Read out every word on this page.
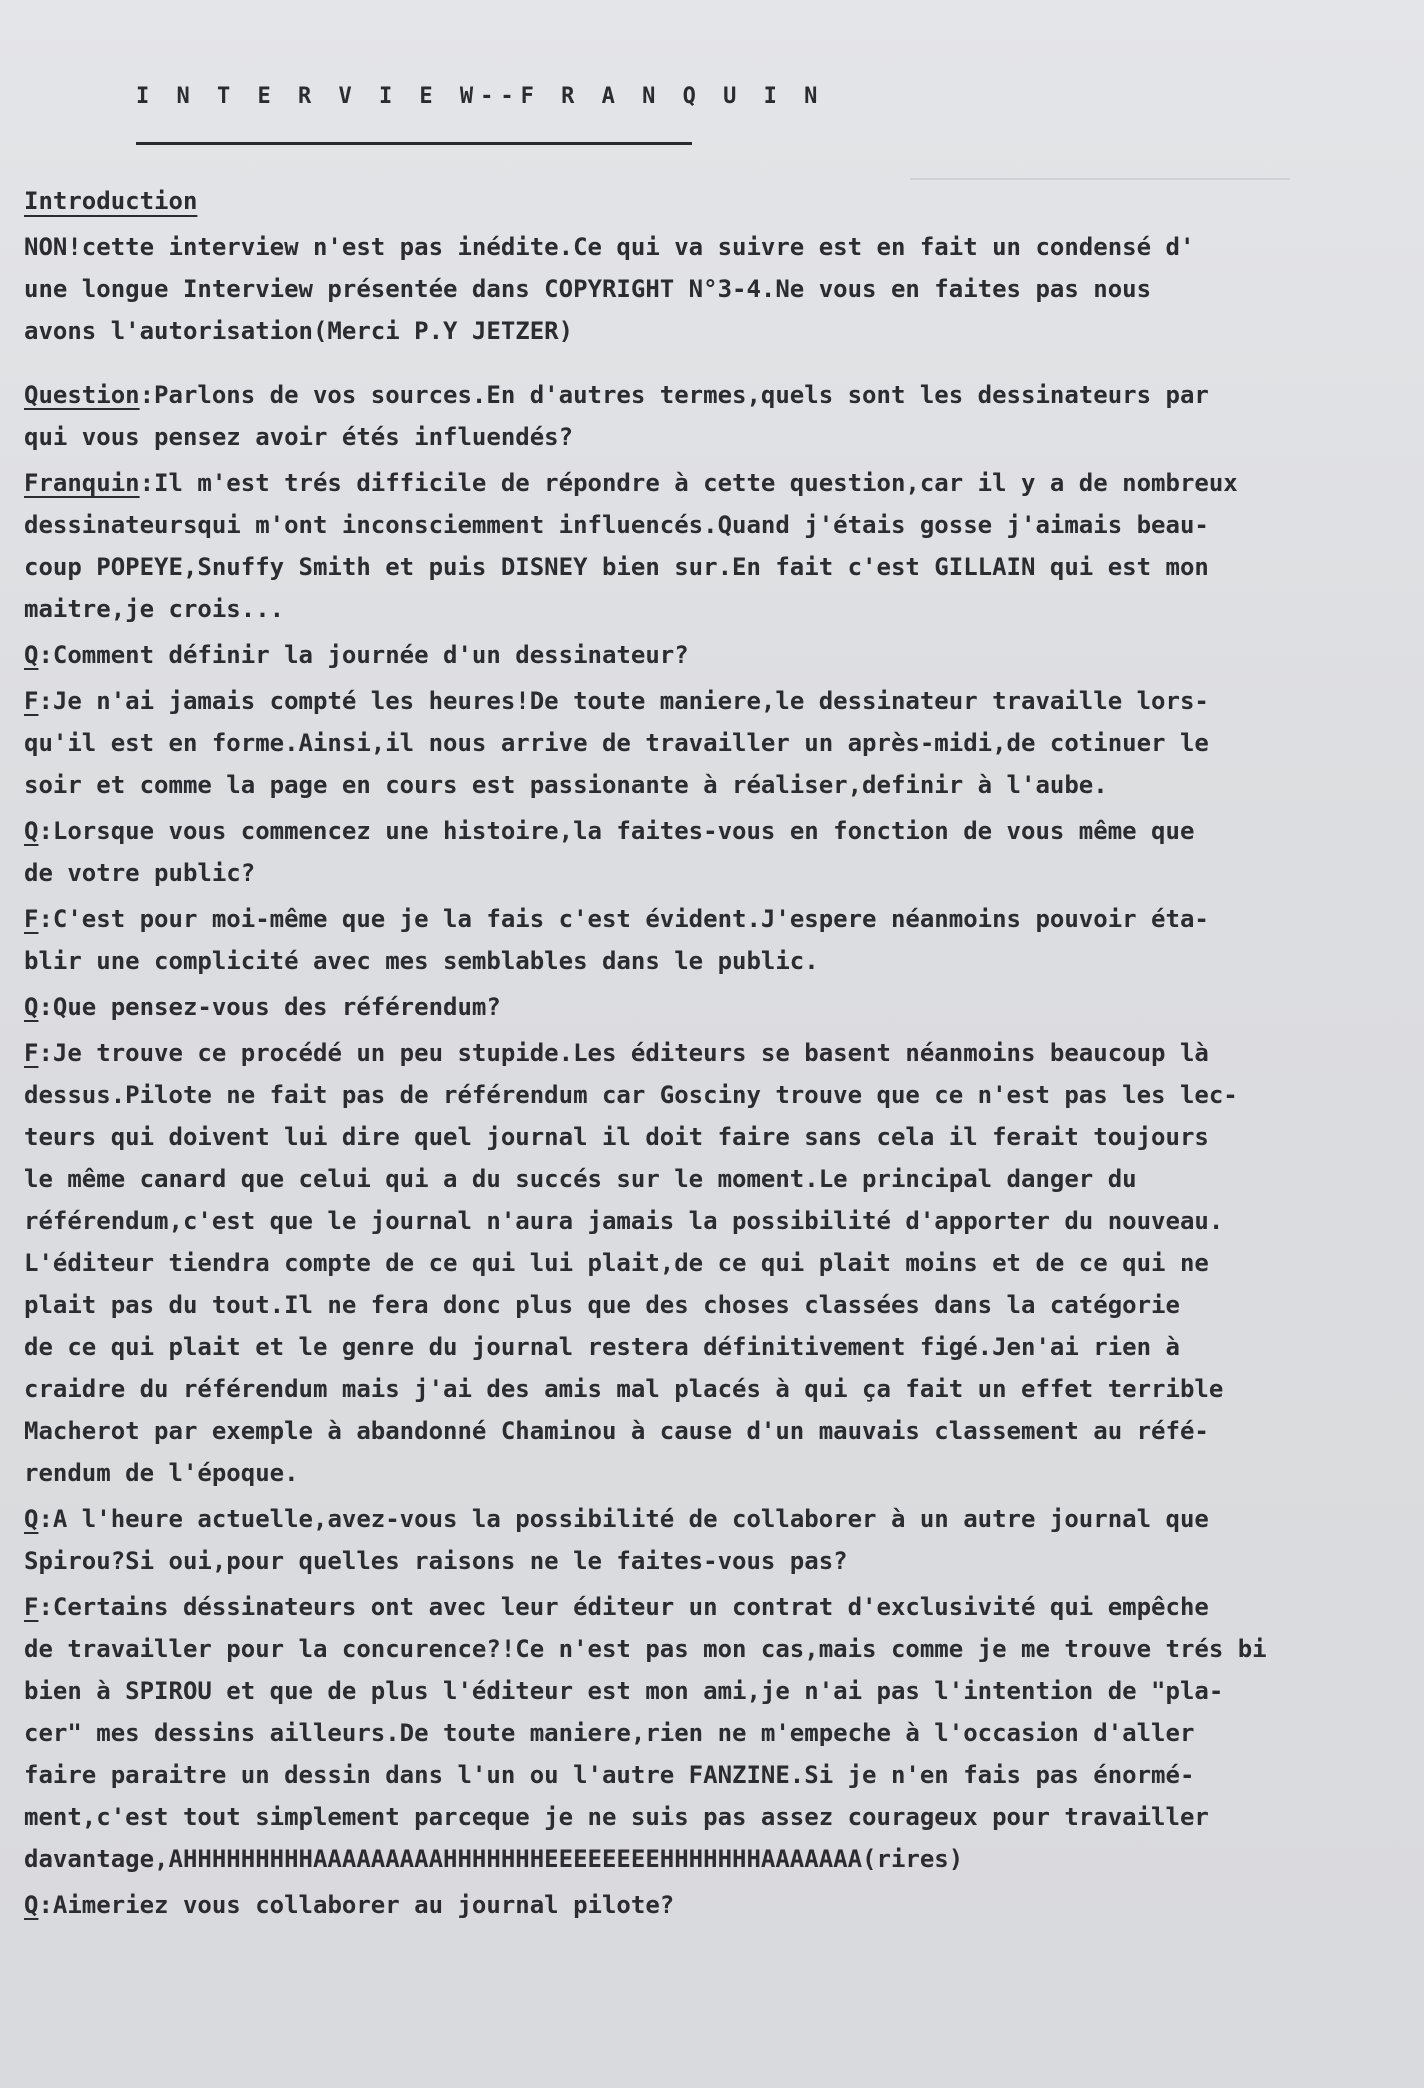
I N T E R V I E W--F R A N Q U I N
Introduction
NON!cette interview n'est pas inédite.Ce qui va suivre est en fait un condensé d'
une longue Interview présentée dans COPYRIGHT N°3-4.Ne vous en faites pas nous
avons l'autorisation(Merci P.Y JETZER)
Question:Parlons de vos sources.En d'autres termes,quels sont les dessinateurs par
qui vous pensez avoir étés influendés?
Franquin:Il m'est trés difficile de répondre à cette question,car il y a de nombreux
dessinateursqui m'ont inconsciemment influencés.Quand j'étais gosse j'aimais beau-
coup POPEYE,Snuffy Smith et puis DISNEY bien sur.En fait c'est GILLAIN qui est mon
maitre,je crois...
Q:Comment définir la journée d'un dessinateur?
F:Je n'ai jamais compté les heures!De toute maniere,le dessinateur travaille lors-
qu'il est en forme.Ainsi,il nous arrive de travailler un après-midi,de cotinuer le
soir et comme la page en cours est passionante à réaliser,definir à l'aube.
Q:Lorsque vous commencez une histoire,la faites-vous en fonction de vous même que
de votre public?
F:C'est pour moi-même que je la fais c'est évident.J'espere néanmoins pouvoir éta-
blir une complicité avec mes semblables dans le public.
Q:Que pensez-vous des référendum?
F:Je trouve ce procédé un peu stupide.Les éditeurs se basent néanmoins beaucoup là
dessus.Pilote ne fait pas de référendum car Gosciny trouve que ce n'est pas les lec-
teurs qui doivent lui dire quel journal il doit faire sans cela il ferait toujours
le même canard que celui qui a du succés sur le moment.Le principal danger du
référendum,c'est que le journal n'aura jamais la possibilité d'apporter du nouveau.
L'éditeur tiendra compte de ce qui lui plait,de ce qui plait moins et de ce qui ne
plait pas du tout.Il ne fera donc plus que des choses classées dans la catégorie
de ce qui plait et le genre du journal restera définitivement figé.Jen'ai rien à
craidre du référendum mais j'ai des amis mal placés à qui ça fait un effet terrible
Macherot par exemple à abandonné Chaminou à cause d'un mauvais classement au réfé-
rendum de l'époque.
Q:A l'heure actuelle,avez-vous la possibilité de collaborer à un autre journal que
Spirou?Si oui,pour quelles raisons ne le faites-vous pas?
F:Certains déssinateurs ont avec leur éditeur un contrat d'exclusivité qui empêche
de travailler pour la concurence?!Ce n'est pas mon cas,mais comme je me trouve trés bi
bien à SPIROU et que de plus l'éditeur est mon ami,je n'ai pas l'intention de "pla-
cer" mes dessins ailleurs.De toute maniere,rien ne m'empeche à l'occasion d'aller
faire paraitre un dessin dans l'un ou l'autre FANZINE.Si je n'en fais pas énormé-
ment,c'est tout simplement parceque je ne suis pas assez courageux pour travailler
davantage,AHHHHHHHHHAAAAAAAAAHHHHHHHEEEEEEEEHHHHHHHAAAAAAA(rires)
Q:Aimeriez vous collaborer au journal pilote?
